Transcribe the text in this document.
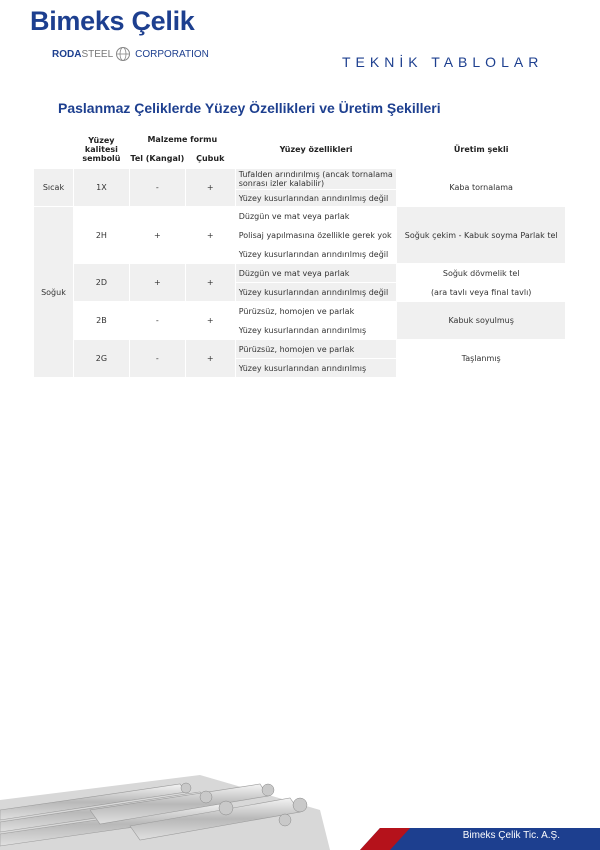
Bimeks Çelik
RODASTEEL CORPORATION	TEKNİK TABLOLAR
Paslanmaz Çeliklerde Yüzey Özellikleri ve Üretim Şekilleri
	Yüzey kalitesi sembolü	Malzeme formu		Yüzey özellikleri	Üretim şekli
		Tel (Kangal)	Çubuk		
Sıcak	1X	-	+	Tufalden arındırılmış (ancak tornalama sonrası izler kalabilir)	Kaba tornalama
				Yüzey kusurlarından arındırılmış değil	
Soğuk	2H	+	+	Düzgün ve mat veya parlak	Soğuk çekim - Kabuk soyma Parlak tel
				Polisaj yapılmasına özellikle gerek yok	
				Yüzey kusurlarından arındırılmış değil	
	2D	+	+	Düzgün ve mat veya parlak	Soğuk dövmelik tel
				Yüzey kusurlarından arındırılmış değil	(ara tavlı veya final tavlı)
	2B	-	+	Pürüzsüz, homojen ve parlak	Kabuk soyulmuş
				Yüzey kusurlarından arındırılmış	
	2G	-	+	Pürüzsüz, homojen ve parlak	Taşlanmış
				Yüzey kusurlarından arındırılmış	
Bimeks Çelik Tic. A.Ş.
